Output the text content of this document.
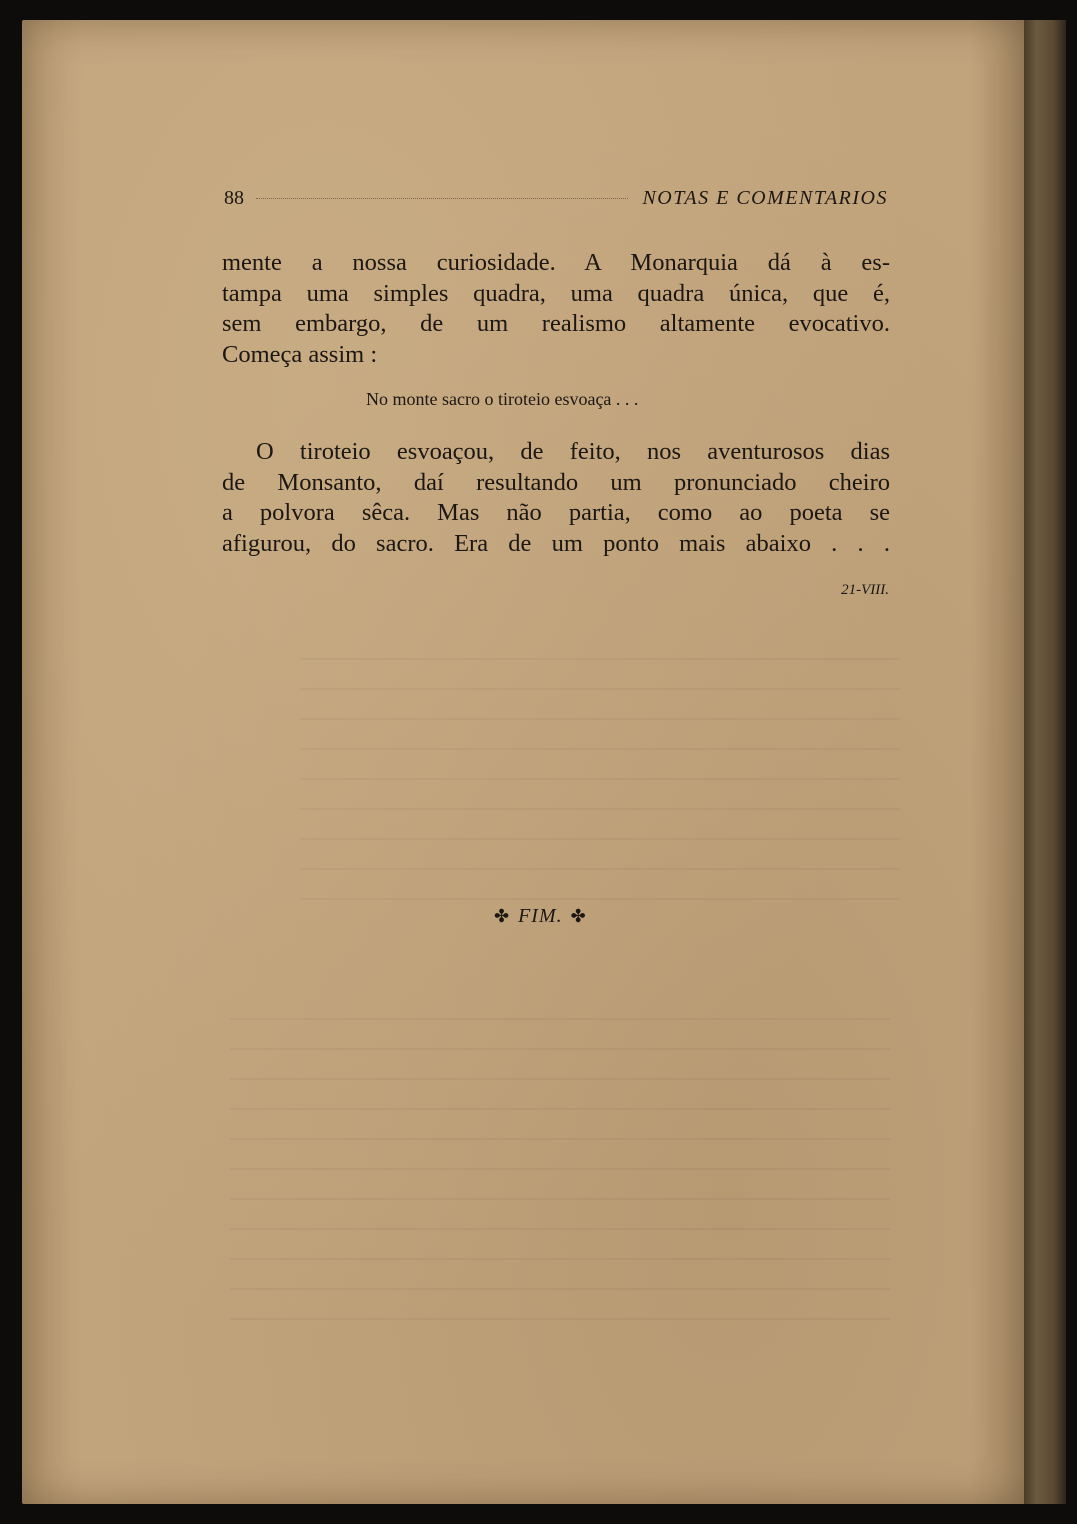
88	NOTAS E COMENTARIOS
mente a nossa curiosidade. A Monarquia dá à es-
tampa uma simples quadra, uma quadra única, que é,
sem embargo, de um realismo altamente evocativo.
Começa assim :
No monte sacro o tiroteio esvoaça . . .
O tiroteio esvoaçou, de feito, nos aventurosos dias
de Monsanto, daí resultando um pronunciado cheiro
a polvora sêca. Mas não partia, como ao poeta se
afigurou, do sacro. Era de um ponto mais abaixo . . .
21-VIII.
✤ FIM. ✤
